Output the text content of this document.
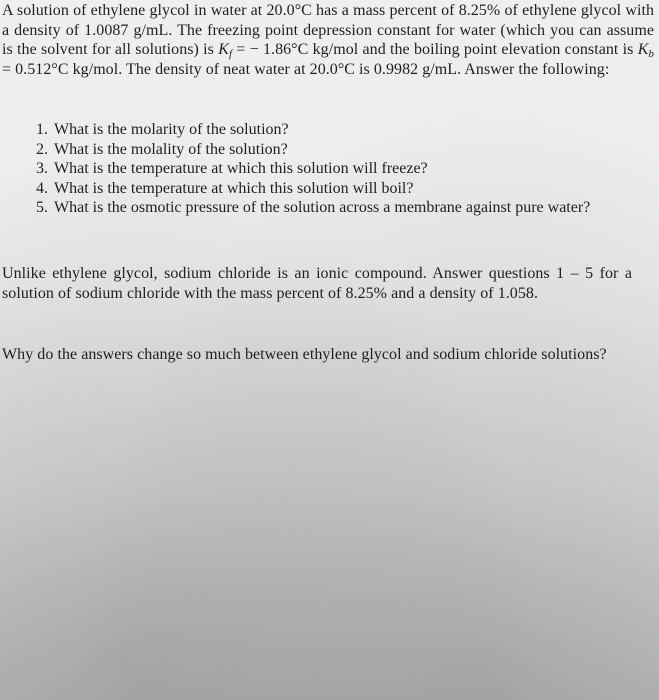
A solution of ethylene glycol in water at 20.0°C has a mass percent of 8.25% of ethylene glycol with a density of 1.0087 g/mL. The freezing point depression constant for water (which you can assume is the solvent for all solutions) is $K_f$ = − 1.86°C kg/mol and the boiling point elevation constant is $K_b = 0.512^\circ C$ kg/mol. The density of neat water at 20.0°C is 0.9982 g/mL. Answer the following:

1. What is the molarity of the solution?
2. What is the molality of the solution?
3. What is the temperature at which this solution will freeze?
4. What is the temperature at which this solution will boil?
5. What is the osmotic pressure of the solution across a membrane against pure water?

Unlike ethylene glycol, sodium chloride is an ionic compound. Answer questions 1 – 5 for a solution of sodium chloride with the mass percent of 8.25% and a density of 1.058.

Why do the answers change so much between ethylene glycol and sodium chloride solutions?
